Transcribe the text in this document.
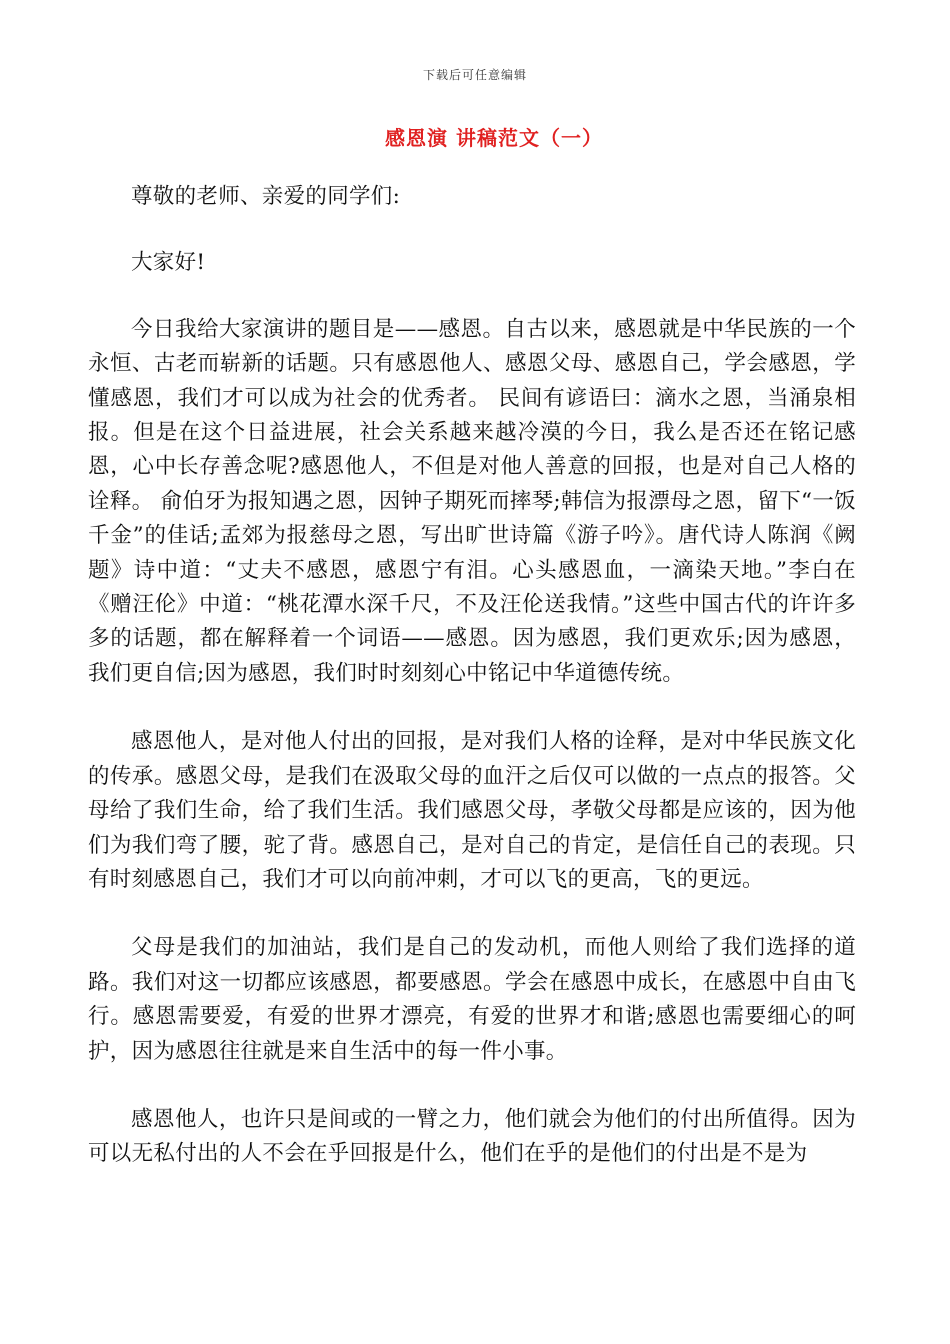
下载后可任意编辑
感恩演 讲稿范文（一）

尊敬的老师、亲爱的同学们:

大家好!

今日我给大家演讲的题目是——感恩。自古以来，感恩就是中华民族的一个永恒、古老而崭新的话题。只有感恩他人、感恩父母、感恩自己，学会感恩，学懂感恩，我们才可以成为社会的优秀者。 民间有谚语曰：滴水之恩，当涌泉相报。但是在这个日益进展，社会关系越来越冷漠的今日，我么是否还在铭记感恩，心中长存善念呢?感恩他人，不但是对他人善意的回报，也是对自己人格的诠释。 俞伯牙为报知遇之恩，因钟子期死而摔琴;韩信为报漂母之恩，留下“一饭千金”的佳话;孟郊为报慈母之恩，写出旷世诗篇《游子吟》。唐代诗人陈润《阙题》诗中道：“丈夫不感恩，感恩宁有泪。心头感恩血，一滴染天地。”李白在《赠汪伦》中道：“桃花潭水深千尺，不及汪伦送我情。”这些中国古代的许许多多的话题，都在解释着一个词语——感恩。因为感恩，我们更欢乐;因为感恩，我们更自信;因为感恩，我们时时刻刻心中铭记中华道德传统。

感恩他人，是对他人付出的回报，是对我们人格的诠释，是对中华民族文化的传承。感恩父母，是我们在汲取父母的血汗之后仅可以做的一点点的报答。父母给了我们生命，给了我们生活。我们感恩父母，孝敬父母都是应该的，因为他们为我们弯了腰，驼了背。感恩自己，是对自己的肯定，是信任自己的表现。只有时刻感恩自己，我们才可以向前冲刺，才可以飞的更高，飞的更远。

父母是我们的加油站，我们是自己的发动机，而他人则给了我们选择的道路。我们对这一切都应该感恩，都要感恩。学会在感恩中成长，在感恩中自由飞行。感恩需要爱，有爱的世界才漂亮，有爱的世界才和谐;感恩也需要细心的呵护，因为感恩往往就是来自生活中的每一件小事。

感恩他人，也许只是间或的一臂之力，他们就会为他们的付出所值得。因为可以无私付出的人不会在乎回报是什么，他们在乎的是他们的付出是不是为
